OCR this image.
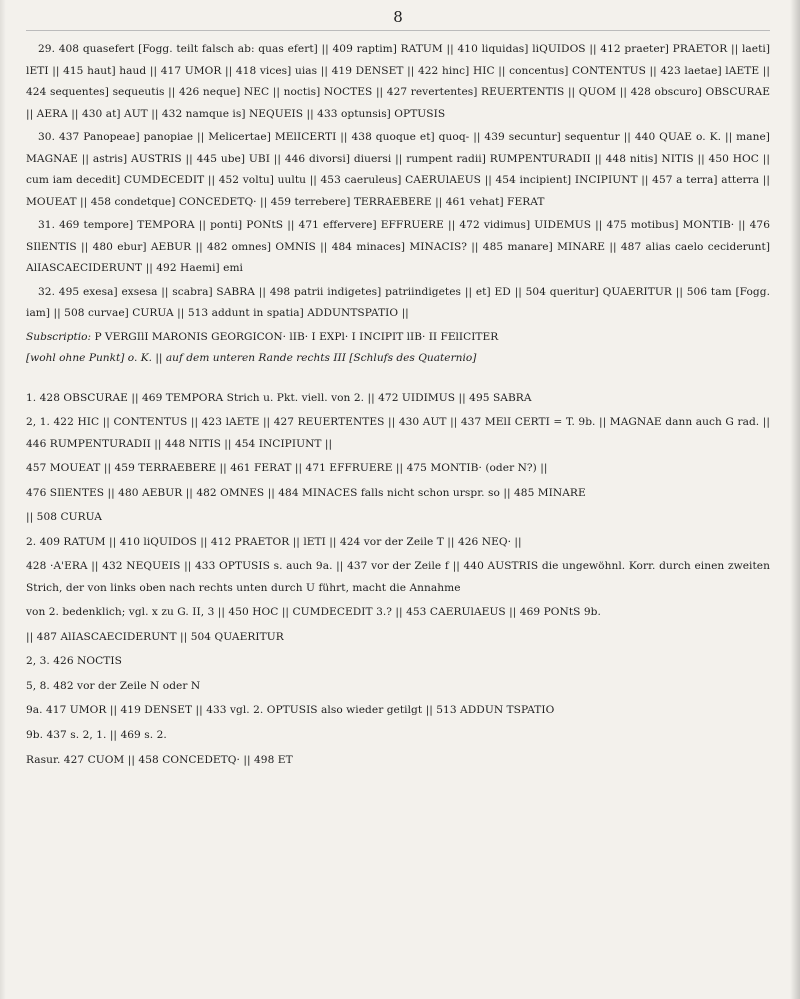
8

29. 408 quasefert [Fogg. teilt falsch ab: quas efert] || 409 raptim] RATUM || 410 liquidas] liQUIDOS || 412 praeter] PRAETOR || laeti] lETI || 415 haut] haud || 417 UMOR || 418 vices] uias || 419 DENSET || 422 hinc] HIC || concentus] CONTENTUS || 423 laetae] lAETE || 424 sequentes] sequeutis || 426 neque] NEC || noctis] NOCTES || 427 revertentes] REUERTENTIS || QUOM || 428 obscuro] OBSCURAE || AERA || 430 at] AUT || 432 namque is] NEQUEIS || 433 optunsis] OPTUSIS

30. 437 Panopeae] panopiae || Melicertae] MElICERTI || 438 quoque et] quoq- || 439 secuntur] sequentur || 440 QUAE o. K. || mane] MAGNAE || astris] AUSTRIS || 445 ube] UBI || 446 divorsi] diuersi || rumpent radii] RUMPENTURADII || 448 nitis] NITIS || 450 HOC || cum iam decedit] CUMDECEDIT || 452 voltu] uultu || 453 caeruleus] CAERUlAEUS || 454 incipient] INCIPIUNT || 457 a terra] atterra || MOUEAT || 458 condetque] CONCEDETQ· || 459 terrebere] TERRAEBERE || 461 vehat] FERAT

31. 469 tempore] TEMPORA || ponti] PONtS || 471 effervere] EFFRUERE || 472 vidimus] UIDEMUS || 475 motibus] MONTIB· || 476 SIlENTIS || 480 ebur] AEBUR || 482 omnes] OMNIS || 484 minaces] MINACIS? || 485 manare] MINARE || 487 alias caelo ceciderunt] AlIASCAECIDERUNT || 492 Haemi] emi

32. 495 exesa] exsesa || scabra] SABRA || 498 patrii indigetes] patriindigetes || et] ED || 504 queritur] QUAERITUR || 506 tam [Fogg. iam] || 508 curvae] CURUA || 513 addunt in spatia] ADDUNTSPATIO ||

Subscriptio: P VERGIlI MARONIS GEORGICON· lIB· I EXPl· I INCIPIT lIB· II FElICITER
[wohl ohne Punkt] o. K. || auf dem unteren Rande rechts III [Schlufs des Quaternio]

1. 428 OBSCURAE || 469 TEMPORA Strich u. Pkt. viell. von 2. || 472 UIDIMUS || 495 SABRA

2, 1. 422 HIC || CONTENTUS || 423 lAETE || 427 REUERTENTES || 430 AUT || 437 MElI CERTI = T. 9b. || MAGNAE dann auch G rad. || 446 RUMPENTURADII || 448 NITIS || 454 INCIPIUNT ||

457 MOUEAT || 459 TERRAEBERE || 461 FERAT || 471 EFFRUERE || 475 MONTIB· (oder N?) ||

476 SIlENTES || 480 AEBUR || 482 OMNES || 484 MINACES falls nicht schon urspr. so || 485 MINARE

|| 508 CURUA

2. 409 RATUM || 410 liQUIDOS || 412 PRAETOR || lETI || 424 vor der Zeile T || 426 NEQ· ||

428 ·A'ERA || 432 NEQUEIS || 433 OPTUSIS s. auch 9a. || 437 vor der Zeile f || 440 AUSTRIS die ungewöhnl. Korr. durch einen zweiten Strich, der von links oben nach rechts unten durch U führt, macht die Annahme

von 2. bedenklich; vgl. x zu G. II, 3 || 450 HOC || CUMDECEDIT 3.? || 453 CAERUlAEUS || 469 PONtS 9b.

|| 487 AlIASCAECIDERUNT || 504 QUAERITUR

2, 3. 426 NOCTIS

5, 8. 482 vor der Zeile N oder N

9a. 417 UMOR || 419 DENSET || 433 vgl. 2. OPTUSIS also wieder getilgt || 513 ADDUN TSPATIO

9b. 437 s. 2, 1. || 469 s. 2.

Rasur. 427 CUOM || 458 CONCEDETQ· || 498 ET
